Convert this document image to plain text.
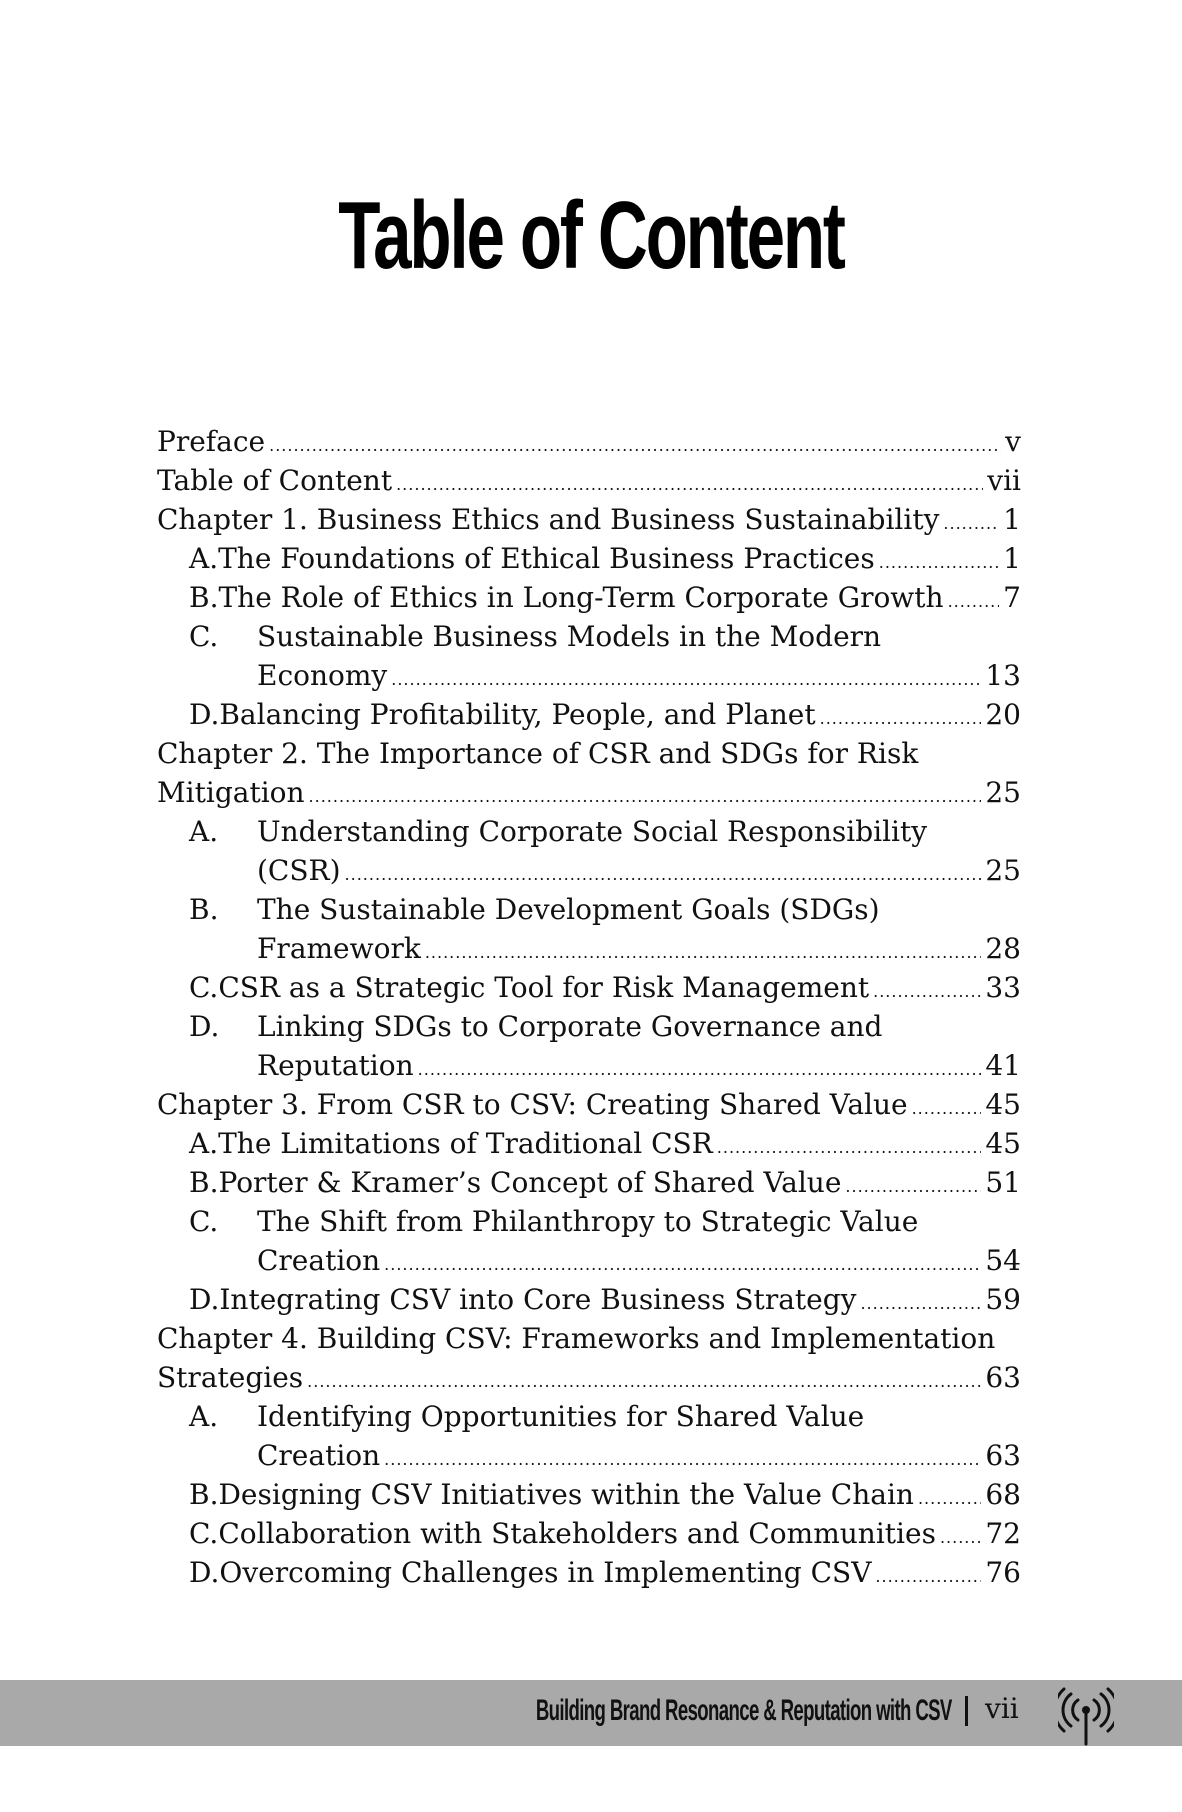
Table of Content
Preface .....	v
Table of Content .....	vii
Chapter 1. Business Ethics and Business Sustainability ..... 1
A. The Foundations of Ethical Business Practices .....	1
B. The Role of Ethics in Long-Term Corporate Growth ..... 7
C.	Sustainable Business Models in the Modern
Economy .....	13
D. Balancing Profitability, People, and Planet .....	20
Chapter 2. The Importance of CSR and SDGs for Risk
Mitigation .....	25
A.	Understanding Corporate Social Responsibility
(CSR) .....	25
B.	The Sustainable Development Goals (SDGs)
Framework .....	28
C. CSR as a Strategic Tool for Risk Management .....	33
D.	Linking SDGs to Corporate Governance and
Reputation .....	41
Chapter 3. From CSR to CSV: Creating Shared Value .....	45
A. The Limitations of Traditional CSR .....	45
B. Porter & Kramer’s Concept of Shared Value .....	51
C.	The Shift from Philanthropy to Strategic Value
Creation .....	54
D. Integrating CSV into Core Business Strategy .....	59
Chapter 4. Building CSV: Frameworks and Implementation
Strategies .....	63
A.	Identifying Opportunities for Shared Value
Creation .....	63
B. Designing CSV Initiatives within the Value Chain .....	68
C. Collaboration with Stakeholders and Communities ..... 72
D. Overcoming Challenges in Implementing CSV .....	76
Building Brand Resonance & Reputation with CSV vii
